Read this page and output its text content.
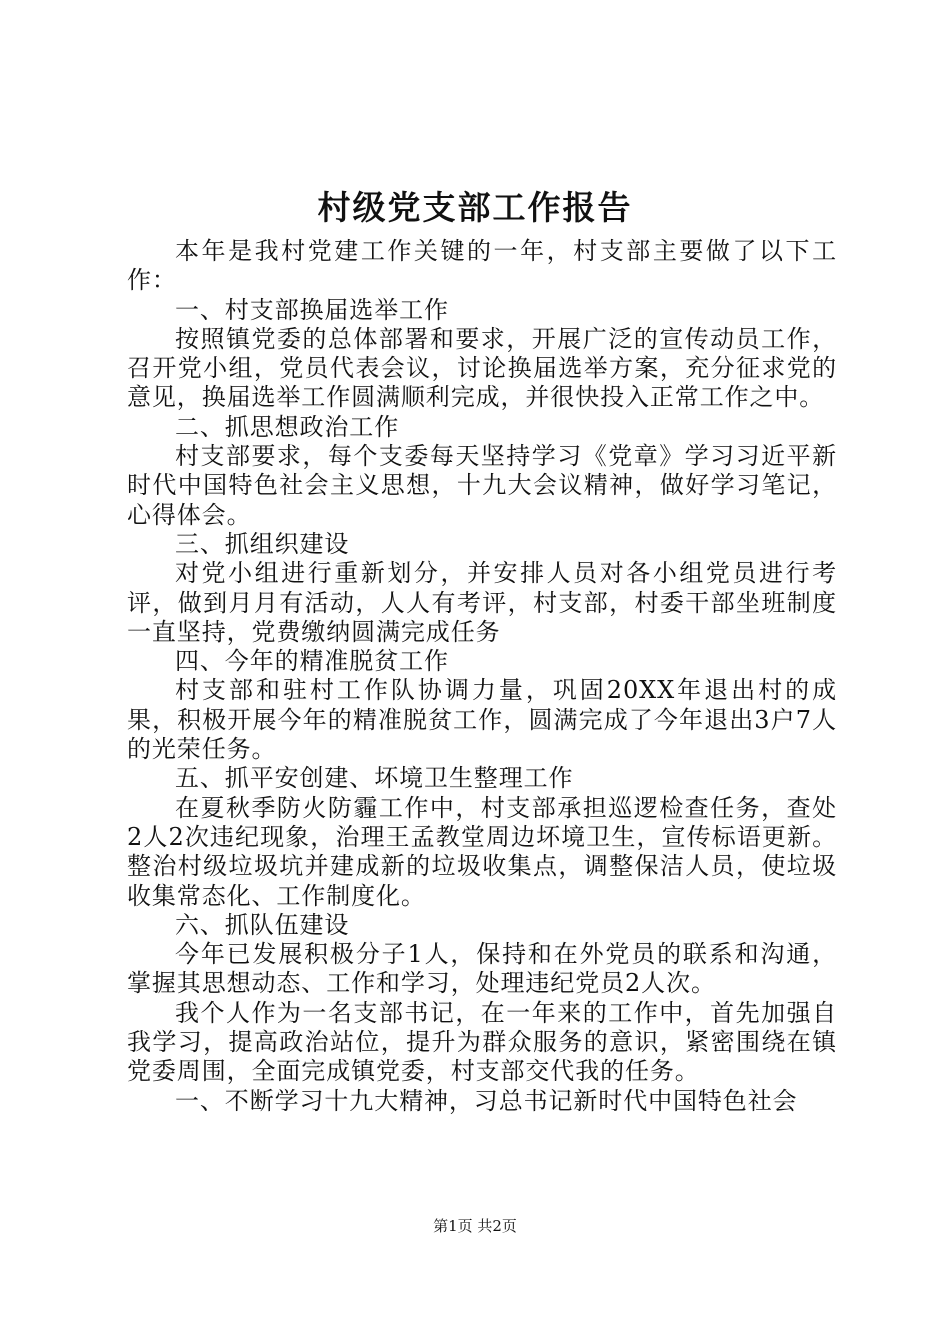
村级党支部工作报告

本年是我村党建工作关键的一年，村支部主要做了以下工作：

一、村支部换届选举工作

按照镇党委的总体部署和要求，开展广泛的宣传动员工作，召开党小组，党员代表会议，讨论换届选举方案，充分征求党的意见，换届选举工作圆满顺利完成，并很快投入正常工作之中。

二、抓思想政治工作

村支部要求，每个支委每天坚持学习《党章》学习习近平新时代中国特色社会主义思想，十九大会议精神，做好学习笔记，心得体会。

三、抓组织建设

对党小组进行重新划分，并安排人员对各小组党员进行考评，做到月月有活动，人人有考评，村支部，村委干部坐班制度一直坚持，党费缴纳圆满完成任务

四、今年的精准脱贫工作

村支部和驻村工作队协调力量，巩固20XX年退出村的成果，积极开展今年的精准脱贫工作，圆满完成了今年退出3户7人的光荣任务。

五、抓平安创建、坏境卫生整理工作

在夏秋季防火防霾工作中，村支部承担巡逻检查任务，查处2人2次违纪现象，治理王孟教堂周边坏境卫生，宣传标语更新。整治村级垃圾坑并建成新的垃圾收集点，调整保洁人员，使垃圾收集常态化、工作制度化。

六、抓队伍建设

今年已发展积极分子1人，保持和在外党员的联系和沟通，掌握其思想动态、工作和学习，处理违纪党员2人次。

我个人作为一名支部书记，在一年来的工作中，首先加强自我学习，提高政治站位，提升为群众服务的意识，紧密围绕在镇党委周围，全面完成镇党委，村支部交代我的任务。

一、不断学习十九大精神，习总书记新时代中国特色社会

第1页 共2页
